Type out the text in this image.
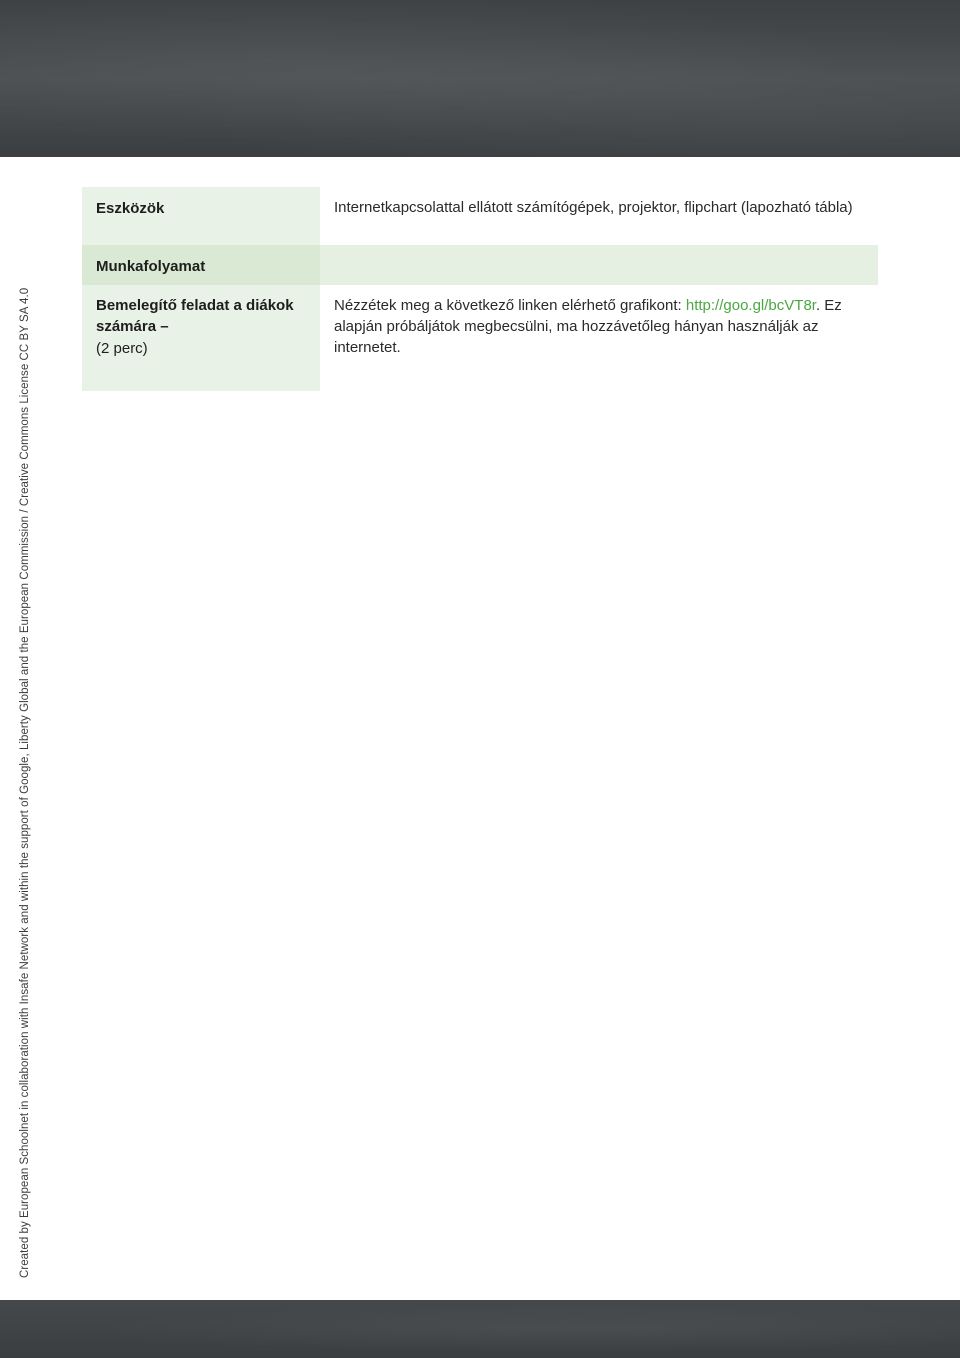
Created by European Schoolnet in collaboration with Insafe Network and within the support of Google, Liberty Global and the European Commission / Creative Commons License CC BY SA 4.0
Eszközök	Internetkapcsolattal ellátott számítógépek, projektor, flipchart (lapozható tábla)
Munkafolyamat
Bemelegítő feladat a diákok számára –
(2 perc)
Nézzétek meg a következő linken elérhető grafikont: http://goo.gl/bcVT8r. Ez alapján próbáljátok megbecsülni, ma hozzávetőleg hányan használják az internetet.
